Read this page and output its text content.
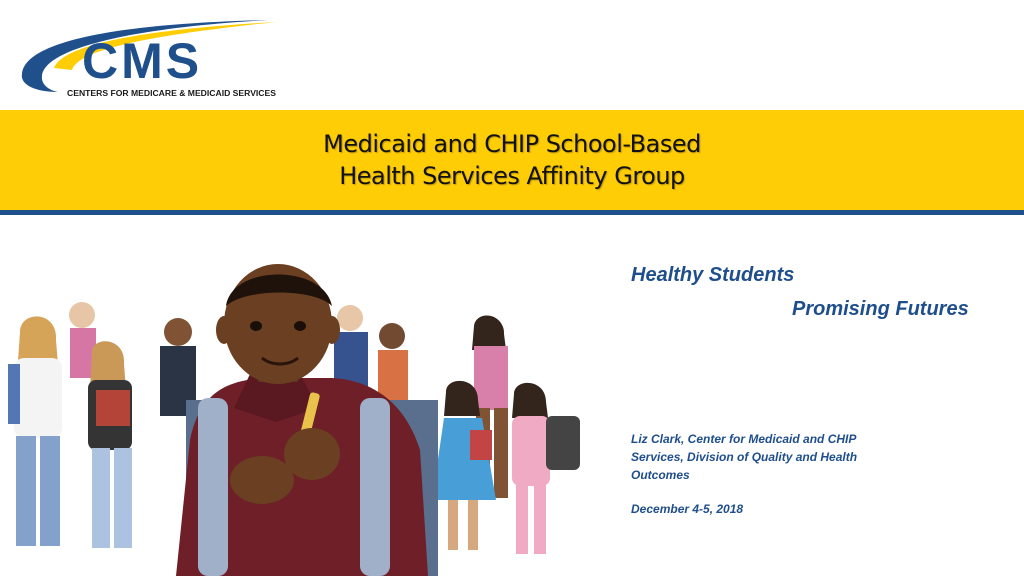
CMS
CENTERS FOR MEDICARE & MEDICAID SERVICES
Medicaid and CHIP School-Based
Health Services Affinity Group
Healthy Students
Promising Futures
Liz Clark, Center for Medicaid and CHIP Services, Division of Quality and Health Outcomes
December 4-5, 2018
